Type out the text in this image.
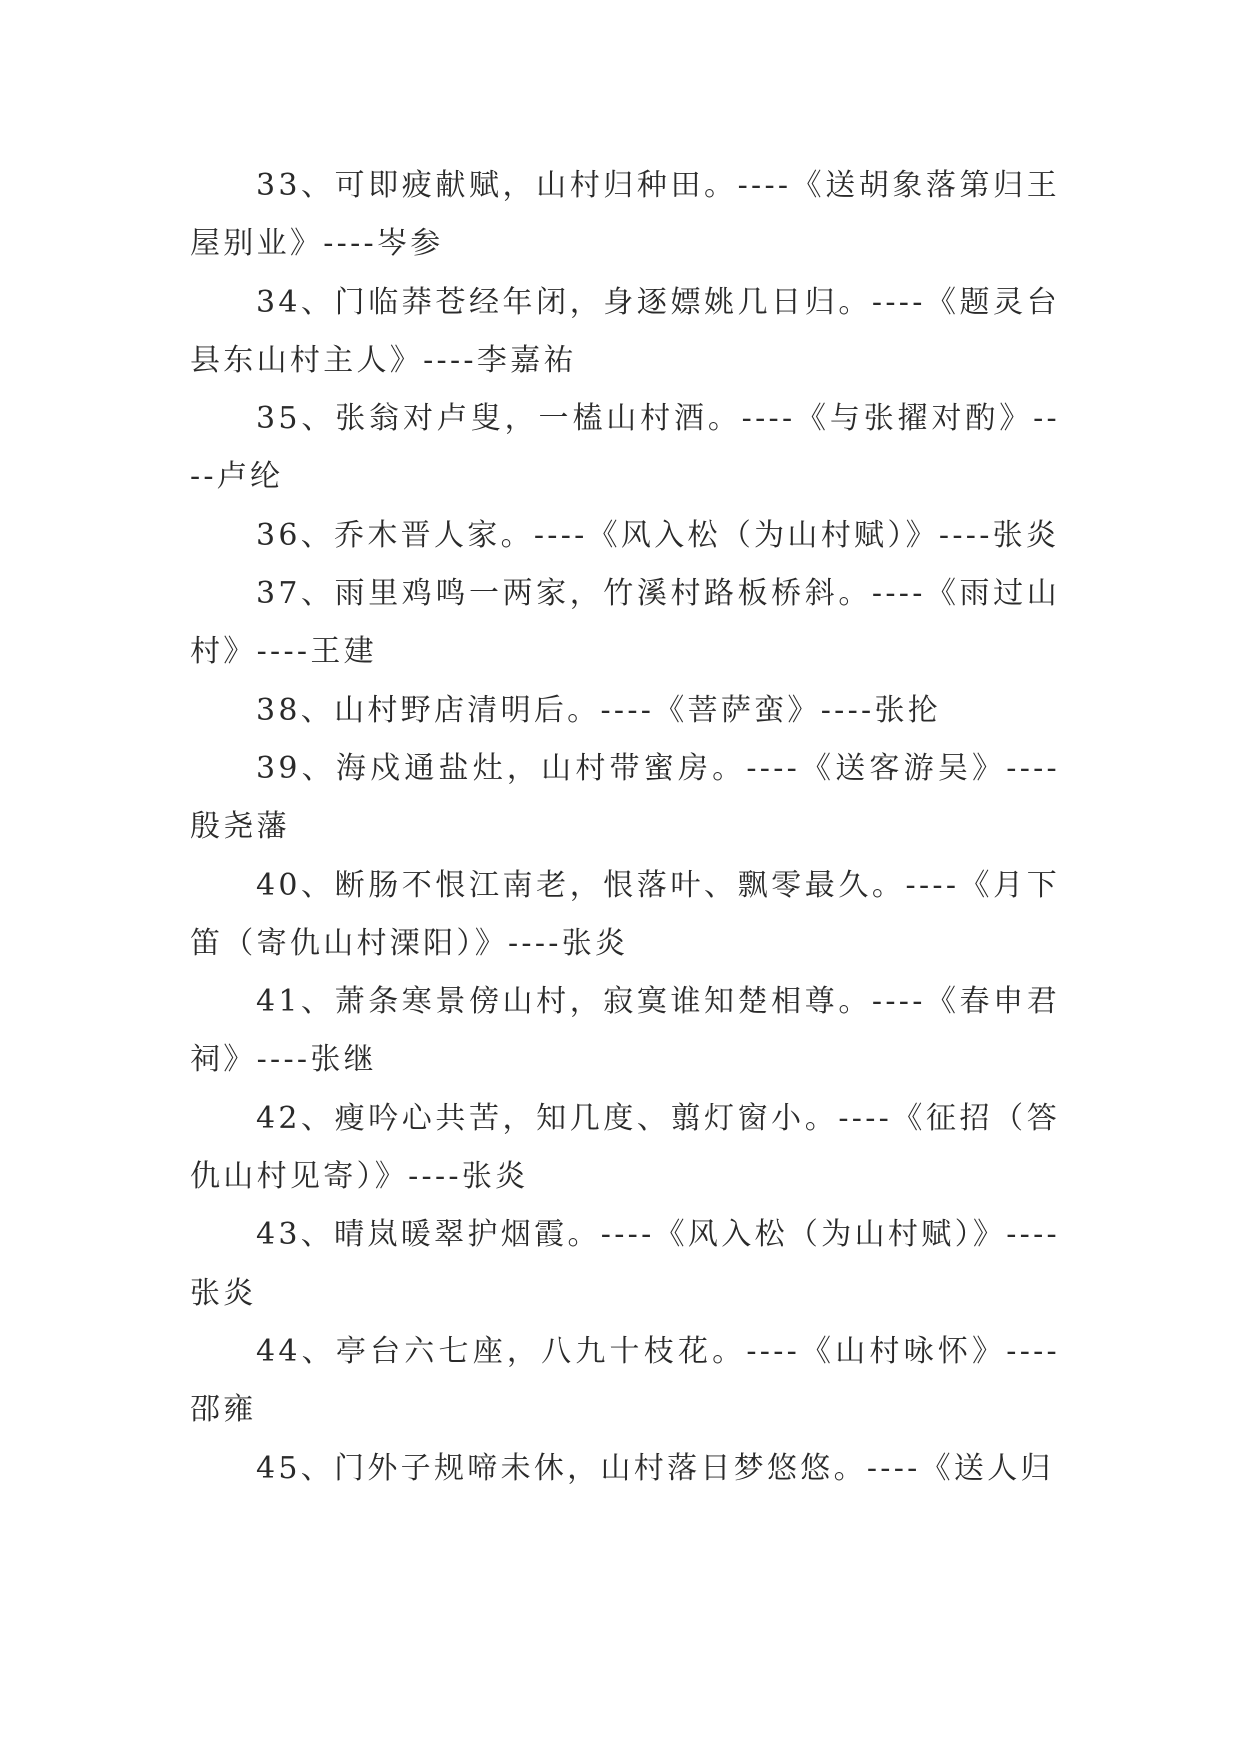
33、可即疲献赋，山村归种田。----《送胡象落第归王屋别业》----岑参

34、门临莽苍经年闭，身逐嫖姚几日归。----《题灵台县东山村主人》----李嘉祐

35、张翁对卢叟，一榼山村酒。----《与张擢对酌》----卢纶

36、乔木晋人家。----《风入松（为山村赋）》----张炎

37、雨里鸡鸣一两家，竹溪村路板桥斜。----《雨过山村》----王建

38、山村野店清明后。----《菩萨蛮》----张抡

39、海戍通盐灶，山村带蜜房。----《送客游吴》----殷尧藩

40、断肠不恨江南老，恨落叶、飘零最久。----《月下笛（寄仇山村溧阳）》----张炎

41、萧条寒景傍山村，寂寞谁知楚相尊。----《春申君祠》----张继

42、瘦吟心共苦，知几度、翦灯窗小。----《征招（答仇山村见寄）》----张炎

43、晴岚暖翠护烟霞。----《风入松（为山村赋）》----张炎

44、亭台六七座，八九十枝花。----《山村咏怀》----邵雍

45、门外子规啼未休，山村落日梦悠悠。----《送人归
